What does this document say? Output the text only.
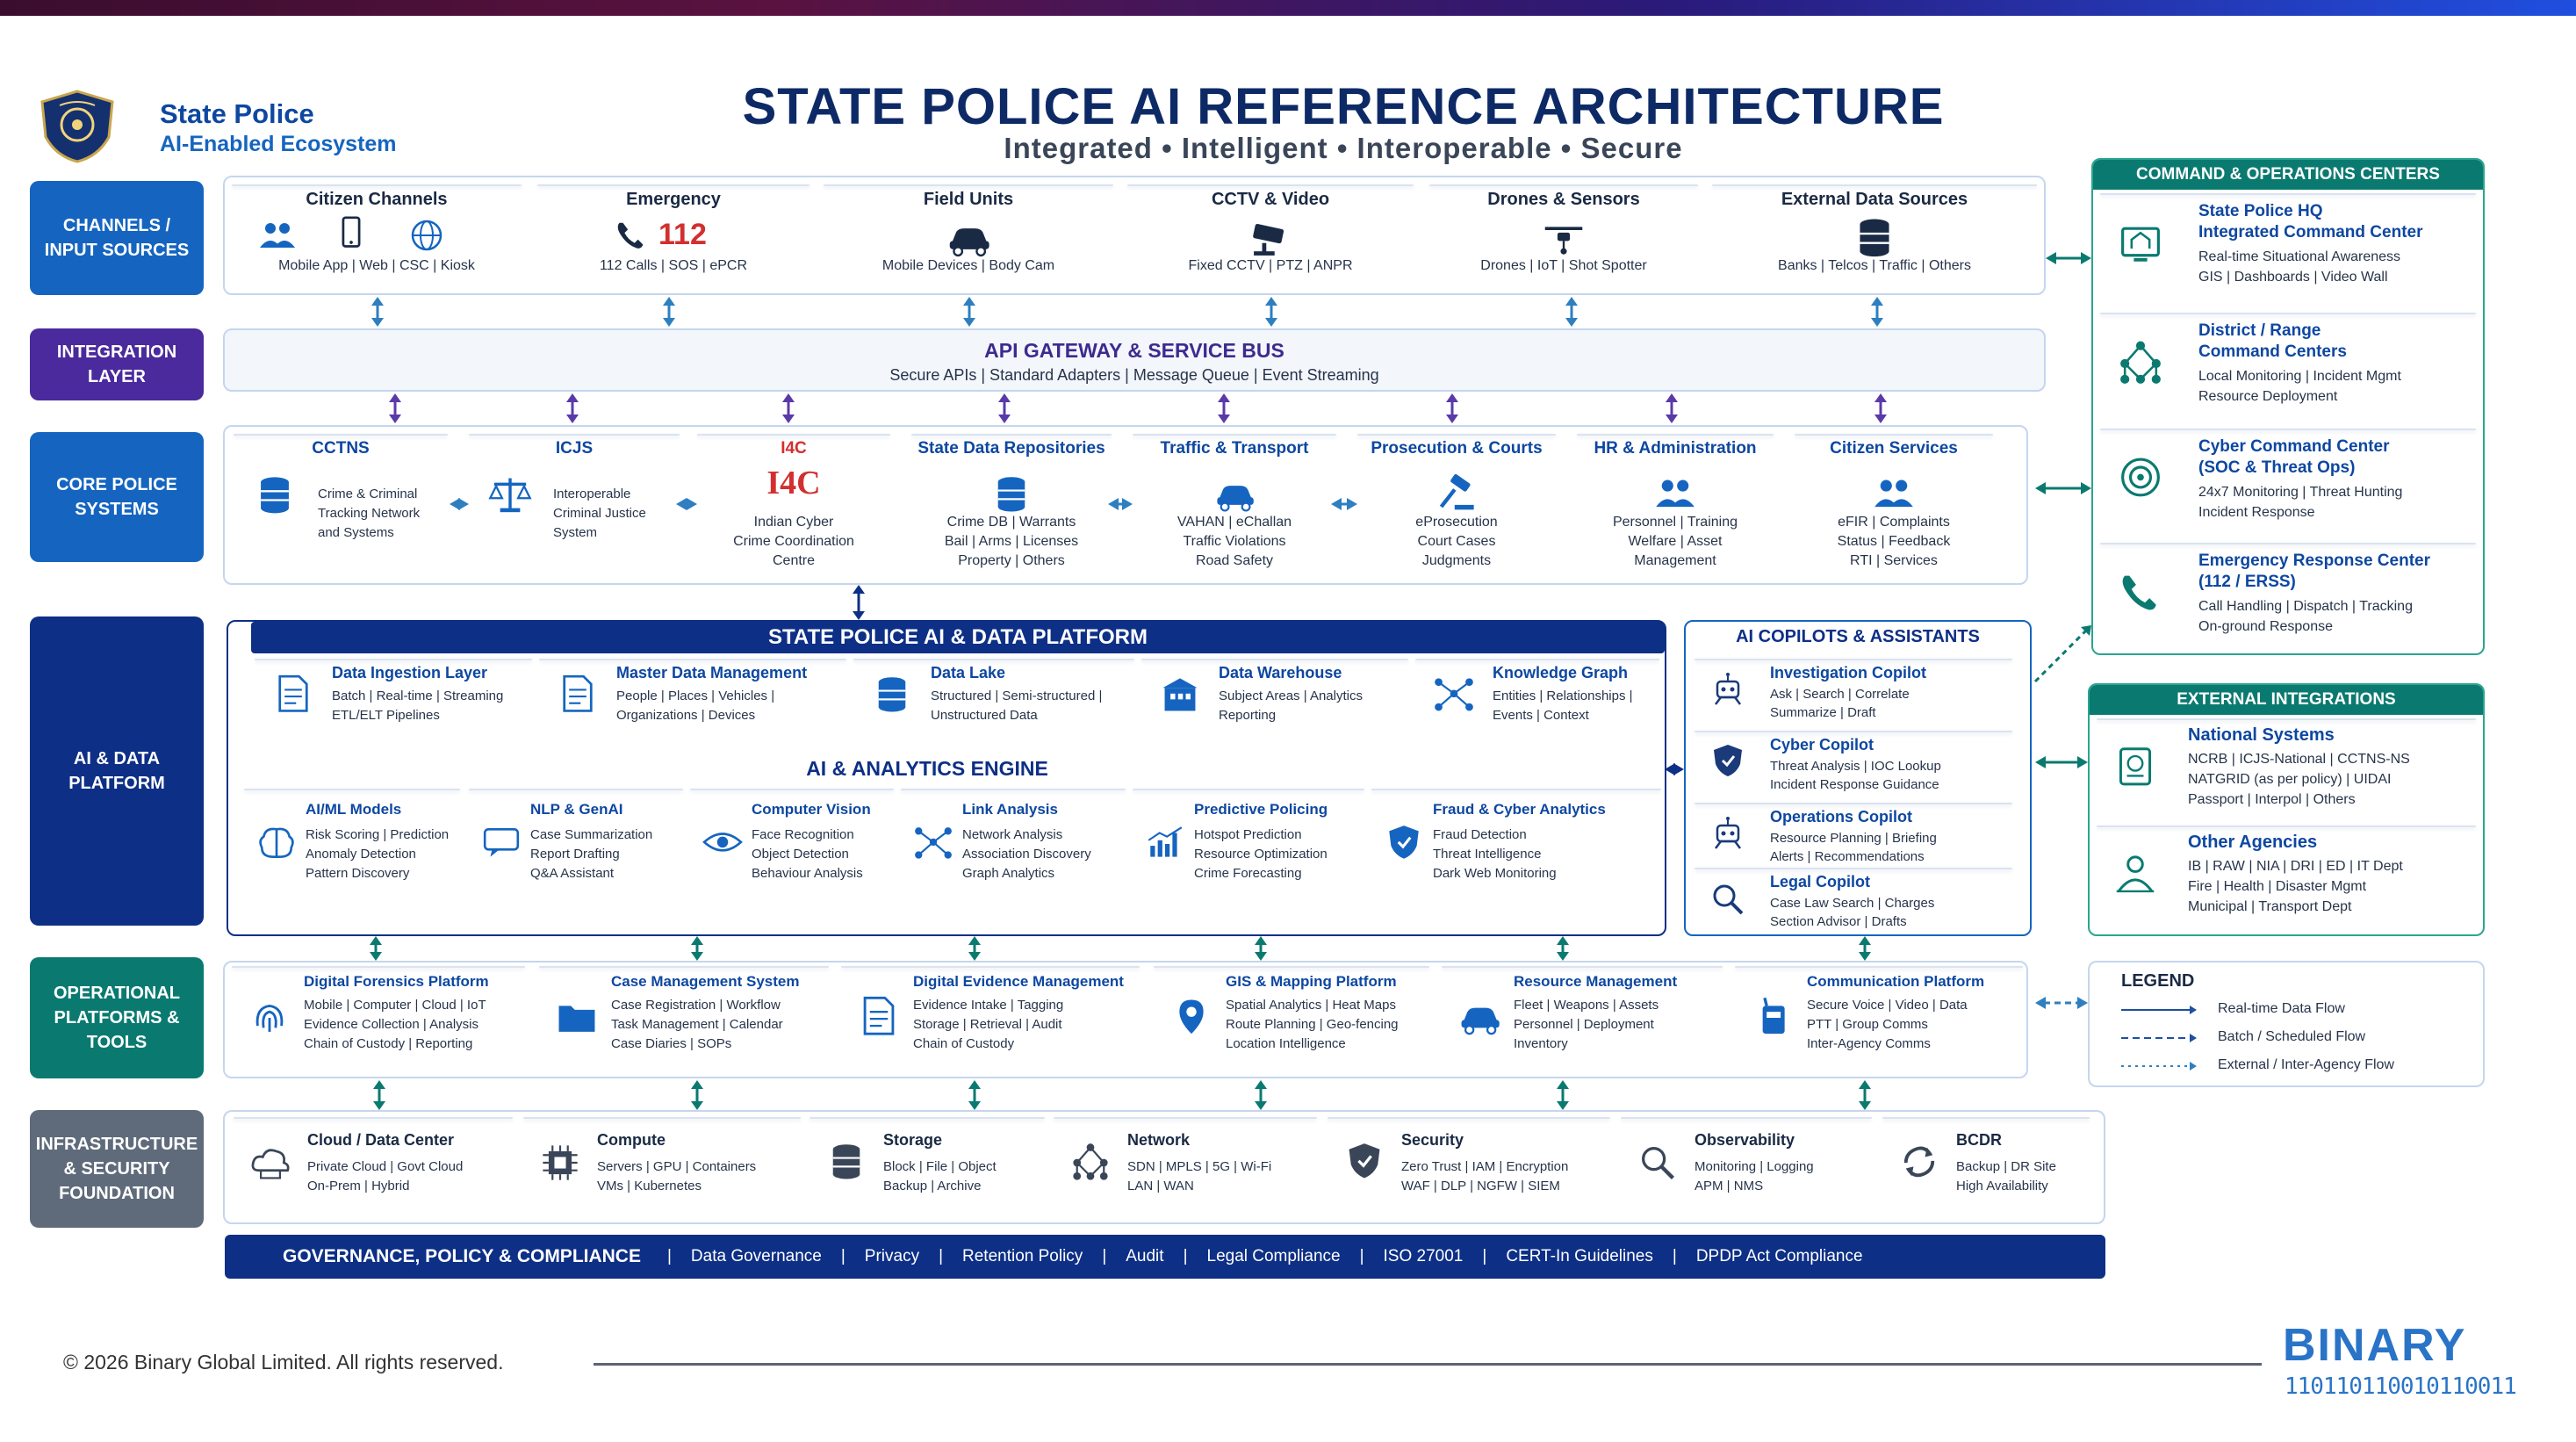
State Police
AI-Enabled Ecosystem
STATE POLICE AI REFERENCE ARCHITECTURE
Integrated • Intelligent • Interoperable • Secure
CHANNELS / INPUT SOURCES
INTEGRATION LAYER
CORE POLICE SYSTEMS
AI & DATA PLATFORM
OPERATIONAL PLATFORMS & TOOLS
INFRASTRUCTURE & SECURITY FOUNDATION
API GATEWAY & SERVICE BUS
Secure APIs | Standard Adapters | Message Queue | Event Streaming
STATE POLICE AI & DATA PLATFORM
AI & ANALYTICS ENGINE
AI COPILOTS & ASSISTANTS
GOVERNANCE, POLICY & COMPLIANCE | Data Governance | Privacy | Retention Policy | Audit | Legal Compliance | ISO 27001 | CERT-In Guidelines | DPDP Act Compliance
COMMAND & OPERATIONS CENTERS
EXTERNAL INTEGRATIONS
LEGEND
Real-time Data Flow
Batch / Scheduled Flow
External / Inter-Agency Flow
© 2026 Binary Global Limited. All rights reserved.	BINARY
110110110010110011
Citizen Channels
Mobile App | Web | CSC | Kiosk
Emergency
112
112 Calls | SOS | ePCR
Field Units
Mobile Devices | Body Cam
CCTV & Video
Fixed CCTV | PTZ | ANPR
Drones & Sensors
Drones | IoT | Shot Spotter
External Data Sources
Banks | Telcos | Traffic | Others
CCTNS
Crime & Criminal
Tracking Network
and Systems
ICJS
Interoperable
Criminal Justice
System
I4C
I4C
Indian Cyber
Crime Coordination
Centre
State Data Repositories
Crime DB | Warrants
Bail | Arms | Licenses
Property | Others
Traffic & Transport
VAHAN | eChallan
Traffic Violations
Road Safety
Prosecution & Courts
eProsecution
Court Cases
Judgments
HR & Administration
Personnel | Training
Welfare | Asset
Management
Citizen Services
eFIR | Complaints
Status | Feedback
RTI | Services
Data Ingestion Layer
Batch | Real-time | Streaming
ETL/ELT Pipelines
Master Data Management
People | Places | Vehicles |
Organizations | Devices
Data Lake
Structured | Semi-structured |
Unstructured Data
Data Warehouse
Subject Areas | Analytics
Reporting
Knowledge Graph
Entities | Relationships |
Events | Context
AI/ML Models
Risk Scoring | Prediction
Anomaly Detection
Pattern Discovery
NLP & GenAI
Case Summarization
Report Drafting
Q&A Assistant
Computer Vision
Face Recognition
Object Detection
Behaviour Analysis
Link Analysis
Network Analysis
Association Discovery
Graph Analytics
Predictive Policing
Hotspot Prediction
Resource Optimization
Crime Forecasting
Fraud & Cyber Analytics
Fraud Detection
Threat Intelligence
Dark Web Monitoring
Investigation Copilot
Ask | Search | Correlate
Summarize | Draft
Cyber Copilot
Threat Analysis | IOC Lookup
Incident Response Guidance
Operations Copilot
Resource Planning | Briefing
Alerts | Recommendations
Legal Copilot
Case Law Search | Charges
Section Advisor | Drafts
Digital Forensics Platform
Mobile | Computer | Cloud | IoT
Evidence Collection | Analysis
Chain of Custody | Reporting
Case Management System
Case Registration | Workflow
Task Management | Calendar
Case Diaries | SOPs
Digital Evidence Management
Evidence Intake | Tagging
Storage | Retrieval | Audit
Chain of Custody
GIS & Mapping Platform
Spatial Analytics | Heat Maps
Route Planning | Geo-fencing
Location Intelligence
Resource Management
Fleet | Weapons | Assets
Personnel | Deployment
Inventory
Communication Platform
Secure Voice | Video | Data
PTT | Group Comms
Inter-Agency Comms
Cloud / Data Center
Private Cloud | Govt Cloud
On-Prem | Hybrid
Compute
Servers | GPU | Containers
VMs | Kubernetes
Storage
Block | File | Object
Backup | Archive
Network
SDN | MPLS | 5G | Wi-Fi
LAN | WAN
Security
Zero Trust | IAM | Encryption
WAF | DLP | NGFW | SIEM
Observability
Monitoring | Logging
APM | NMS
BCDR
Backup | DR Site
High Availability
State Police HQ
Integrated Command Center
Real-time Situational Awareness
GIS | Dashboards | Video Wall
District / Range
Command Centers
Local Monitoring | Incident Mgmt
Resource Deployment
Cyber Command Center
(SOC & Threat Ops)
24x7 Monitoring | Threat Hunting
Incident Response
Emergency Response Center
(112 / ERSS)
Call Handling | Dispatch | Tracking
On-ground Response
National Systems
NCRB | ICJS-National | CCTNS-NS
NATGRID (as per policy) | UIDAI
Passport | Interpol | Others
Other Agencies
IB | RAW | NIA | DRI | ED | IT Dept
Fire | Health | Disaster Mgmt
Municipal | Transport Dept
